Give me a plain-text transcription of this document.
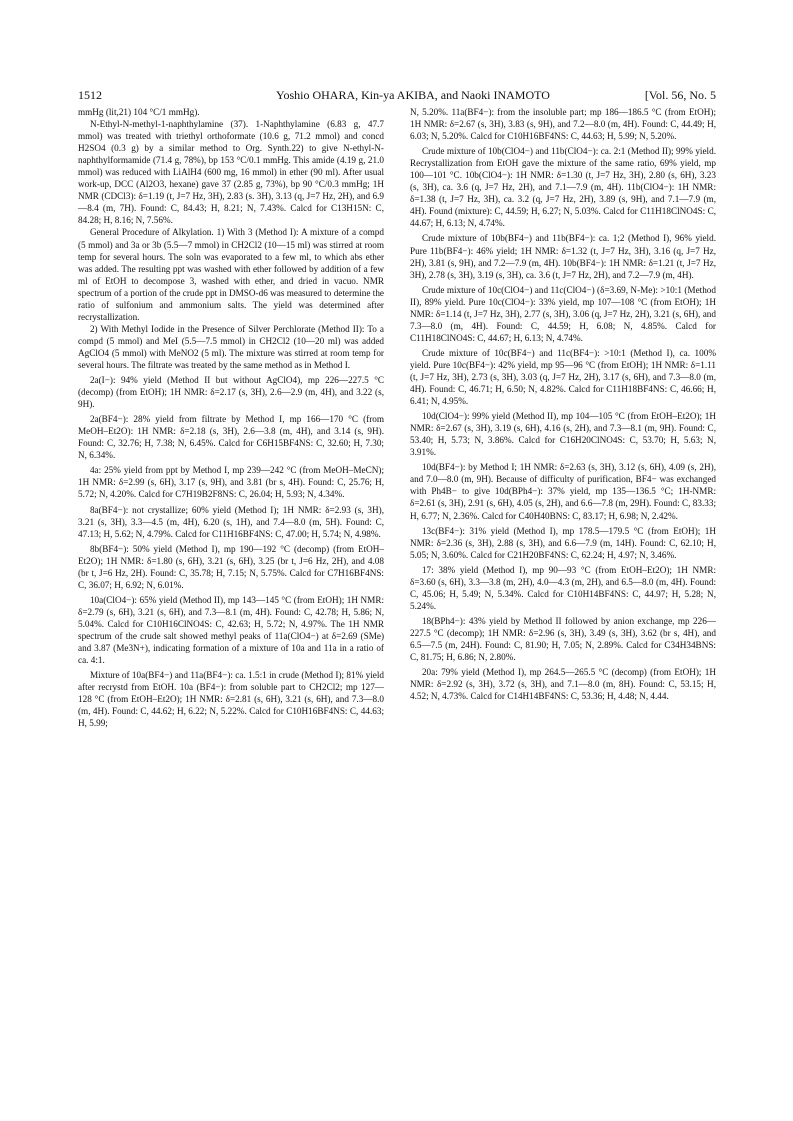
1512	Yoshio OHARA, Kin-ya AKIBA, and Naoki INAMOTO	[Vol. 56, No. 5

mmHg (lit,21) 104 °C/1 mmHg).

N-Ethyl-N-methyl-1-naphthylamine (37). 1-Naphthylamine (6.83 g, 47.7 mmol) was treated with triethyl orthoformate (10.6 g, 71.2 mmol) and concd H2SO4 (0.3 g) by a similar method to Org. Synth.22) to give N-ethyl-N-naphthylformamide (71.4 g, 78%), bp 153 °C/0.1 mmHg. This amide (4.19 g, 21.0 mmol) was reduced with LiAlH4 (600 mg, 16 mmol) in ether (90 ml). After usual work-up, DCC (Al2O3, hexane) gave 37 (2.85 g, 73%), bp 90 °C/0.3 mmHg; 1H NMR (CDCl3): δ=1.19 (t, J=7 Hz, 3H), 2.83 (s. 3H), 3.13 (q, J=7 Hz, 2H), and 6.9—8.4 (m, 7H). Found: C, 84.43; H, 8.21; N, 7.43%. Calcd for C13H15N: C, 84.28; H, 8.16; N, 7.56%.

General Procedure of Alkylation. 1) With 3 (Method I): A mixture of a compd (5 mmol) and 3a or 3b (5.5—7 mmol) in CH2Cl2 (10—15 ml) was stirred at room temp for several hours. The soln was evaporated to a few ml, to which abs ether was added. The resulting ppt was washed with ether followed by addition of a few ml of EtOH to decompose 3, washed with ether, and dried in vacuo. NMR spectrum of a portion of the crude ppt in DMSO-d6 was measured to determine the ratio of sulfonium and ammonium salts. The yield was determined after recrystallization.

2) With Methyl Iodide in the Presence of Silver Perchlorate (Method II): To a compd (5 mmol) and MeI (5.5—7.5 mmol) in CH2Cl2 (10—20 ml) was added AgClO4 (5 mmol) with MeNO2 (5 ml). The mixture was stirred at room temp for several hours. The filtrate was treated by the same method as in Method I.

2a(I−): 94% yield (Method II but without AgClO4), mp 226—227.5 °C (decomp) (from EtOH); 1H NMR: δ=2.17 (s, 3H), 2.6—2.9 (m, 4H), and 3.22 (s, 9H).

2a(BF4−): 28% yield from filtrate by Method I, mp 166—170 °C (from MeOH–Et2O): 1H NMR: δ=2.18 (s, 3H), 2.6—3.8 (m, 4H), and 3.14 (s, 9H). Found: C, 32.76; H, 7.38; N, 6.45%. Calcd for C6H15BF4NS: C, 32.60; H, 7.30; N, 6.34%.

4a: 25% yield from ppt by Method I, mp 239—242 °C (from MeOH–MeCN); 1H NMR: δ=2.99 (s, 6H), 3.17 (s, 9H), and 3.81 (br s, 4H). Found: C, 25.76; H, 5.72; N, 4.20%. Calcd for C7H19B2F8NS: C, 26.04; H, 5.93; N, 4.34%.

8a(BF4−): not crystallize; 60% yield (Method I); 1H NMR: δ=2.93 (s, 3H), 3.21 (s, 3H), 3.3—4.5 (m, 4H), 6.20 (s, 1H), and 7.4—8.0 (m, 5H). Found: C, 47.13; H, 5.62; N, 4.79%. Calcd for C11H16BF4NS: C, 47.00; H, 5.74; N, 4.98%.

8b(BF4−): 50% yield (Method I), mp 190—192 °C (decomp) (from EtOH–Et2O); 1H NMR: δ=1.80 (s, 6H), 3.21 (s, 6H), 3.25 (br t, J=6 Hz, 2H), and 4.08 (br t, J=6 Hz, 2H). Found: C, 35.78; H, 7.15; N, 5.75%. Calcd for C7H16BF4NS: C, 36.07; H, 6.92; N, 6.01%.

10a(ClO4−): 65% yield (Method II), mp 143—145 °C (from EtOH); 1H NMR: δ=2.79 (s, 6H), 3.21 (s, 6H), and 7.3—8.1 (m, 4H). Found: C, 42.78; H, 5.86; N, 5.04%. Calcd for C10H16ClNO4S: C, 42.63; H, 5.72; N, 4.97%. The 1H NMR spectrum of the crude salt showed methyl peaks of 11a(ClO4−) at δ=2.69 (SMe) and 3.87 (Me3N+), indicating formation of a mixture of 10a and 11a in a ratio of ca. 4:1.

Mixture of 10a(BF4−) and 11a(BF4−): ca. 1.5:1 in crude (Method I); 81% yield after recrystd from EtOH. 10a (BF4−): from soluble part to CH2Cl2; mp 127—128 °C (from EtOH–Et2O); 1H NMR: δ=2.81 (s, 6H), 3.21 (s, 6H), and 7.3—8.0 (m, 4H). Found: C, 44.62; H, 6.22; N, 5.22%. Calcd for C10H16BF4NS: C, 44.63; H, 5.99;

N, 5.20%. 11a(BF4−): from the insoluble part; mp 186—186.5 °C (from EtOH); 1H NMR: δ=2.67 (s, 3H), 3.83 (s, 9H), and 7.2—8.0 (m, 4H). Found: C, 44.49; H, 6.03; N, 5.20%. Calcd for C10H16BF4NS: C, 44.63; H, 5.99; N, 5.20%.

Crude mixture of 10b(ClO4−) and 11b(ClO4−): ca. 2:1 (Method II); 99% yield. Recrystallization from EtOH gave the mixture of the same ratio, 69% yield, mp 100—101 °C. 10b(ClO4−): 1H NMR: δ=1.30 (t, J=7 Hz, 3H), 2.80 (s, 6H), 3.23 (s, 3H), ca. 3.6 (q, J=7 Hz, 2H), and 7.1—7.9 (m, 4H). 11b(ClO4−): 1H NMR: δ=1.38 (t, J=7 Hz, 3H), ca. 3.2 (q, J=7 Hz, 2H), 3.89 (s, 9H), and 7.1—7.9 (m, 4H). Found (mixture): C, 44.59; H, 6.27; N, 5.03%. Calcd for C11H18ClNO4S: C, 44.67; H, 6.13; N, 4.74%.

Crude mixture of 10b(BF4−) and 11b(BF4−): ca. 1;2 (Method I), 96% yield. Pure 11b(BF4−): 46% yield; 1H NMR: δ=1.32 (t, J=7 Hz, 3H), 3.16 (q, J=7 Hz, 2H), 3.81 (s, 9H), and 7.2—7.9 (m, 4H). 10b(BF4−): 1H NMR: δ=1.21 (t, J=7 Hz, 3H), 2.78 (s, 3H), 3.19 (s, 3H), ca. 3.6 (t, J=7 Hz, 2H), and 7.2—7.9 (m, 4H).

Crude mixture of 10c(ClO4−) and 11c(ClO4−) (δ=3.69, N-Me): >10:1 (Method II), 89% yield. Pure 10c(ClO4−): 33% yield, mp 107—108 °C (from EtOH); 1H NMR: δ=1.14 (t, J=7 Hz, 3H), 2.77 (s, 3H), 3.06 (q, J=7 Hz, 2H), 3.21 (s, 6H), and 7.3—8.0 (m, 4H). Found: C, 44.59; H, 6.08; N, 4.85%. Calcd for C11H18ClNO4S: C, 44.67; H, 6.13; N, 4.74%.

Crude mixture of 10c(BF4−) and 11c(BF4−): >10:1 (Method I), ca. 100% yield. Pure 10c(BF4−): 42% yield, mp 95—96 °C (from EtOH); 1H NMR: δ=1.11 (t, J=7 Hz, 3H), 2.73 (s, 3H), 3.03 (q, J=7 Hz, 2H), 3.17 (s, 6H), and 7.3—8.0 (m, 4H). Found: C, 46.71; H, 6.50; N, 4.82%. Calcd for C11H18BF4NS: C, 46.66; H, 6.41; N, 4.95%.

10d(ClO4−): 99% yield (Method II), mp 104—105 °C (from EtOH–Et2O); 1H NMR: δ=2.67 (s, 3H), 3.19 (s, 6H), 4.16 (s, 2H), and 7.3—8.1 (m, 9H). Found: C, 53.40; H, 5.73; N, 3.86%. Calcd for C16H20ClNO4S: C, 53.70; H, 5.63; N, 3.91%.

10d(BF4−): by Method I; 1H NMR: δ=2.63 (s, 3H), 3.12 (s, 6H), 4.09 (s, 2H), and 7.0—8.0 (m, 9H). Because of difficulty of purification, BF4− was exchanged with Ph4B− to give 10d(BPh4−): 37% yield, mp 135—136.5 °C; 1H-NMR: δ=2.61 (s, 3H), 2.91 (s, 6H), 4.05 (s, 2H), and 6.6—7.8 (m, 29H). Found: C, 83.33; H, 6.77; N, 2.36%. Calcd for C40H40BNS: C, 83.17; H, 6.98; N, 2.42%.

13c(BF4−): 31% yield (Method I), mp 178.5—179.5 °C (from EtOH); 1H NMR: δ=2.36 (s, 3H), 2.88 (s, 3H), and 6.6—7.9 (m, 14H). Found: C, 62.10; H, 5.05; N, 3.60%. Calcd for C21H20BF4NS: C, 62.24; H, 4.97; N, 3.46%.

17: 38% yield (Method I), mp 90—93 °C (from EtOH–Et2O); 1H NMR: δ=3.60 (s, 6H), 3.3—3.8 (m, 2H), 4.0—4.3 (m, 2H), and 6.5—8.0 (m, 4H). Found: C, 45.06; H, 5.49; N, 5.34%. Calcd for C10H14BF4NS: C, 44.97; H, 5.28; N, 5.24%.

18(BPh4−): 43% yield by Method II followed by anion exchange, mp 226—227.5 °C (decomp); 1H NMR: δ=2.96 (s, 3H), 3.49 (s, 3H), 3.62 (br s, 4H), and 6.5—7.5 (m, 24H). Found: C, 81.90; H, 7.05; N, 2.89%. Calcd for C34H34BNS: C, 81.75; H, 6.86; N, 2.80%.

20a: 79% yield (Method I), mp 264.5—265.5 °C (decomp) (from EtOH); 1H NMR: δ=2.92 (s, 3H), 3.72 (s, 3H), and 7.1—8.0 (m, 8H). Found: C, 53.15; H, 4.52; N, 4.73%. Calcd for C14H14BF4NS: C, 53.36; H, 4.48; N, 4.44.
